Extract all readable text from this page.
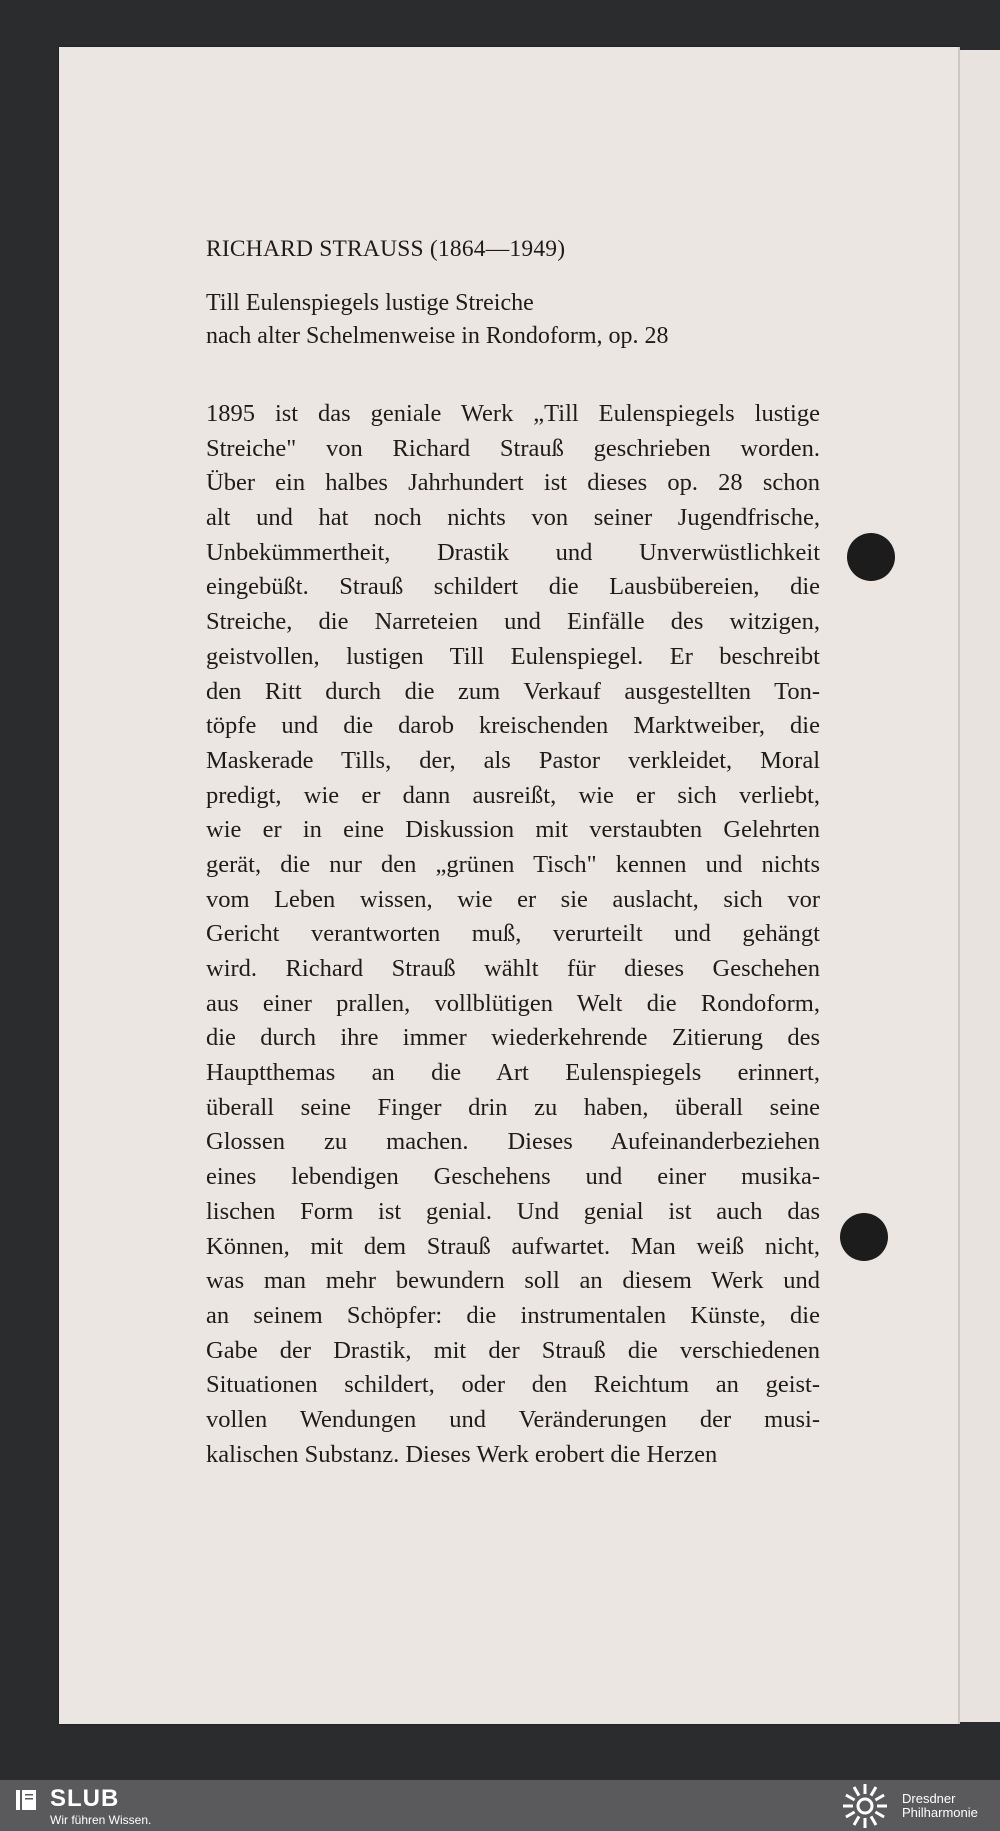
RICHARD STRAUSS (1864—1949)
Till Eulenspiegels lustige Streiche
nach alter Schelmenweise in Rondoform, op. 28
1895 ist das geniale Werk „Till Eulenspiegels lustige
Streiche" von Richard Strauß geschrieben worden.
Über ein halbes Jahrhundert ist dieses op. 28 schon
alt und hat noch nichts von seiner Jugendfrische,
Unbekümmertheit, Drastik und Unverwüstlichkeit
eingebüßt. Strauß schildert die Lausbübereien, die
Streiche, die Narreteien und Einfälle des witzigen,
geistvollen, lustigen Till Eulenspiegel. Er beschreibt
den Ritt durch die zum Verkauf ausgestellten Ton-
töpfe und die darob kreischenden Marktweiber, die
Maskerade Tills, der, als Pastor verkleidet, Moral
predigt, wie er dann ausreißt, wie er sich verliebt,
wie er in eine Diskussion mit verstaubten Gelehrten
gerät, die nur den „grünen Tisch" kennen und nichts
vom Leben wissen, wie er sie auslacht, sich vor
Gericht verantworten muß, verurteilt und gehängt
wird. Richard Strauß wählt für dieses Geschehen
aus einer prallen, vollblütigen Welt die Rondoform,
die durch ihre immer wiederkehrende Zitierung des
Hauptthemas an die Art Eulenspiegels erinnert,
überall seine Finger drin zu haben, überall seine
Glossen zu machen. Dieses Aufeinanderbeziehen
eines lebendigen Geschehens und einer musika-
lischen Form ist genial. Und genial ist auch das
Können, mit dem Strauß aufwartet. Man weiß nicht,
was man mehr bewundern soll an diesem Werk und
an seinem Schöpfer: die instrumentalen Künste, die
Gabe der Drastik, mit der Strauß die verschiedenen
Situationen schildert, oder den Reichtum an geist-
vollen Wendungen und Veränderungen der musi-
kalischen Substanz. Dieses Werk erobert die Herzen
SLUB
Wir führen Wissen.
Dresdner
Philharmonie
